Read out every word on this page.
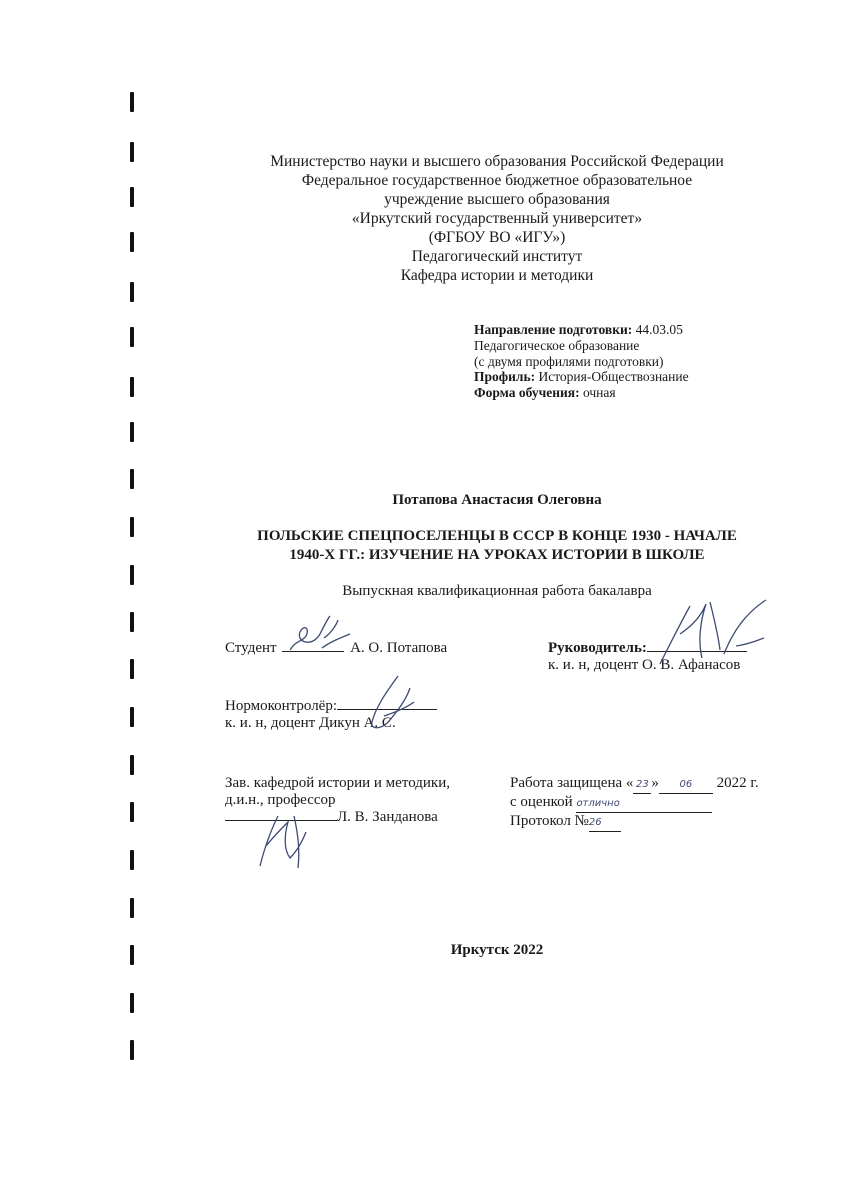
Министерство науки и высшего образования Российской Федерации
Федеральное государственное бюджетное образовательное
учреждение высшего образования
«Иркутский государственный университет»
(ФГБОУ ВО «ИГУ»)
Педагогический институт
Кафедра истории и методики
Направление подготовки: 44.03.05
Педагогическое образование
(с двумя профилями подготовки)
Профиль: История-Обществознание
Форма обучения: очная
Потапова Анастасия Олеговна
ПОЛЬСКИЕ СПЕЦПОСЕЛЕНЦЫ В СССР В КОНЦЕ 1930 - НАЧАЛЕ
1940-Х ГГ.: ИЗУЧЕНИЕ НА УРОКАХ ИСТОРИИ В ШКОЛЕ
Выпускная квалификационная работа бакалавра
Студент	А. О. Потапова	Руководитель:
к. и. н, доцент О. В. Афанасов
Нормоконтролёр:
к. и. н, доцент Дикун А. С.
Зав. кафедрой истории и методики,
д.и.н., профессор
Л. В. Занданова
Работа защищена « 23 » 06 2022 г.
с оценкой отлично
Протокол №26
Иркутск 2022
